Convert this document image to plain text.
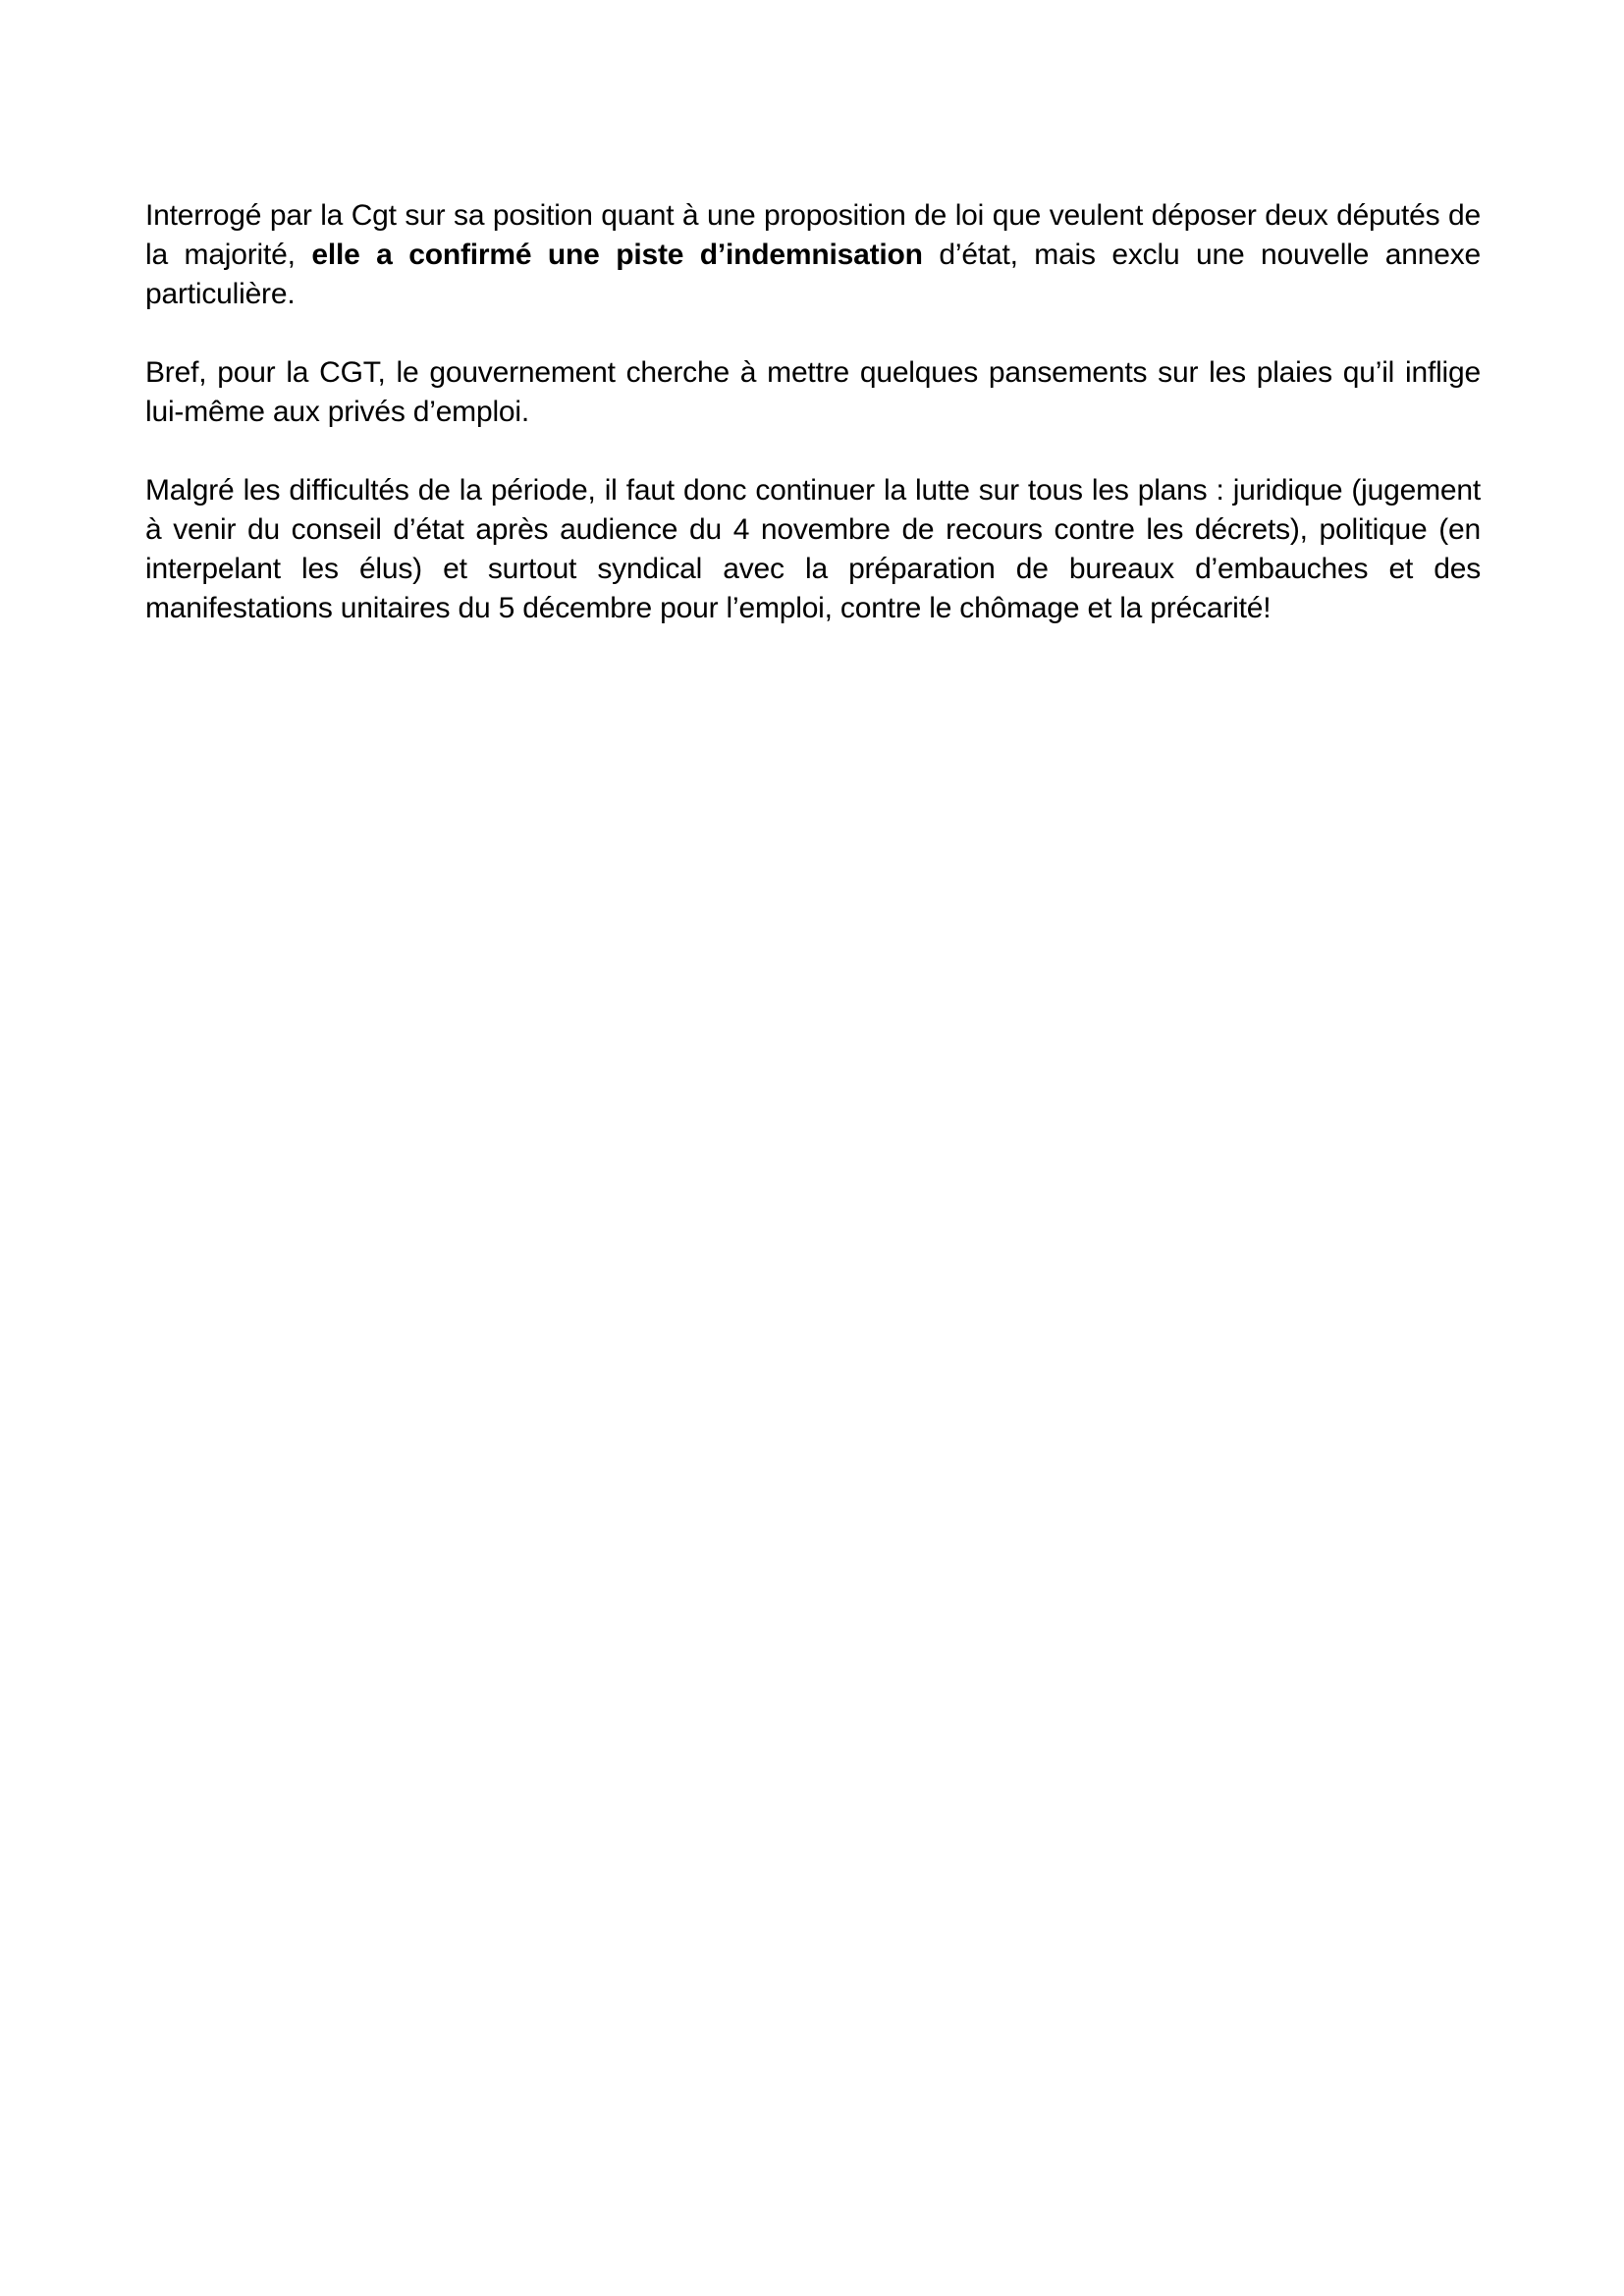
Interrogé par la Cgt sur sa position quant à une proposition de loi que veulent déposer deux députés de la majorité, elle a confirmé une piste d’indemnisation d’état, mais exclu une nouvelle annexe particulière.

Bref, pour la CGT, le gouvernement cherche à mettre quelques pansements sur les plaies qu’il inflige lui-même aux privés d’emploi.

Malgré les difficultés de la période, il faut donc continuer la lutte sur tous les plans : juridique (jugement à venir du conseil d’état après audience du 4 novembre de recours contre les décrets), politique (en interpelant les élus) et surtout syndical avec la préparation de bureaux d’embauches et des manifestations unitaires du 5 décembre pour l’emploi, contre le chômage et la précarité!
